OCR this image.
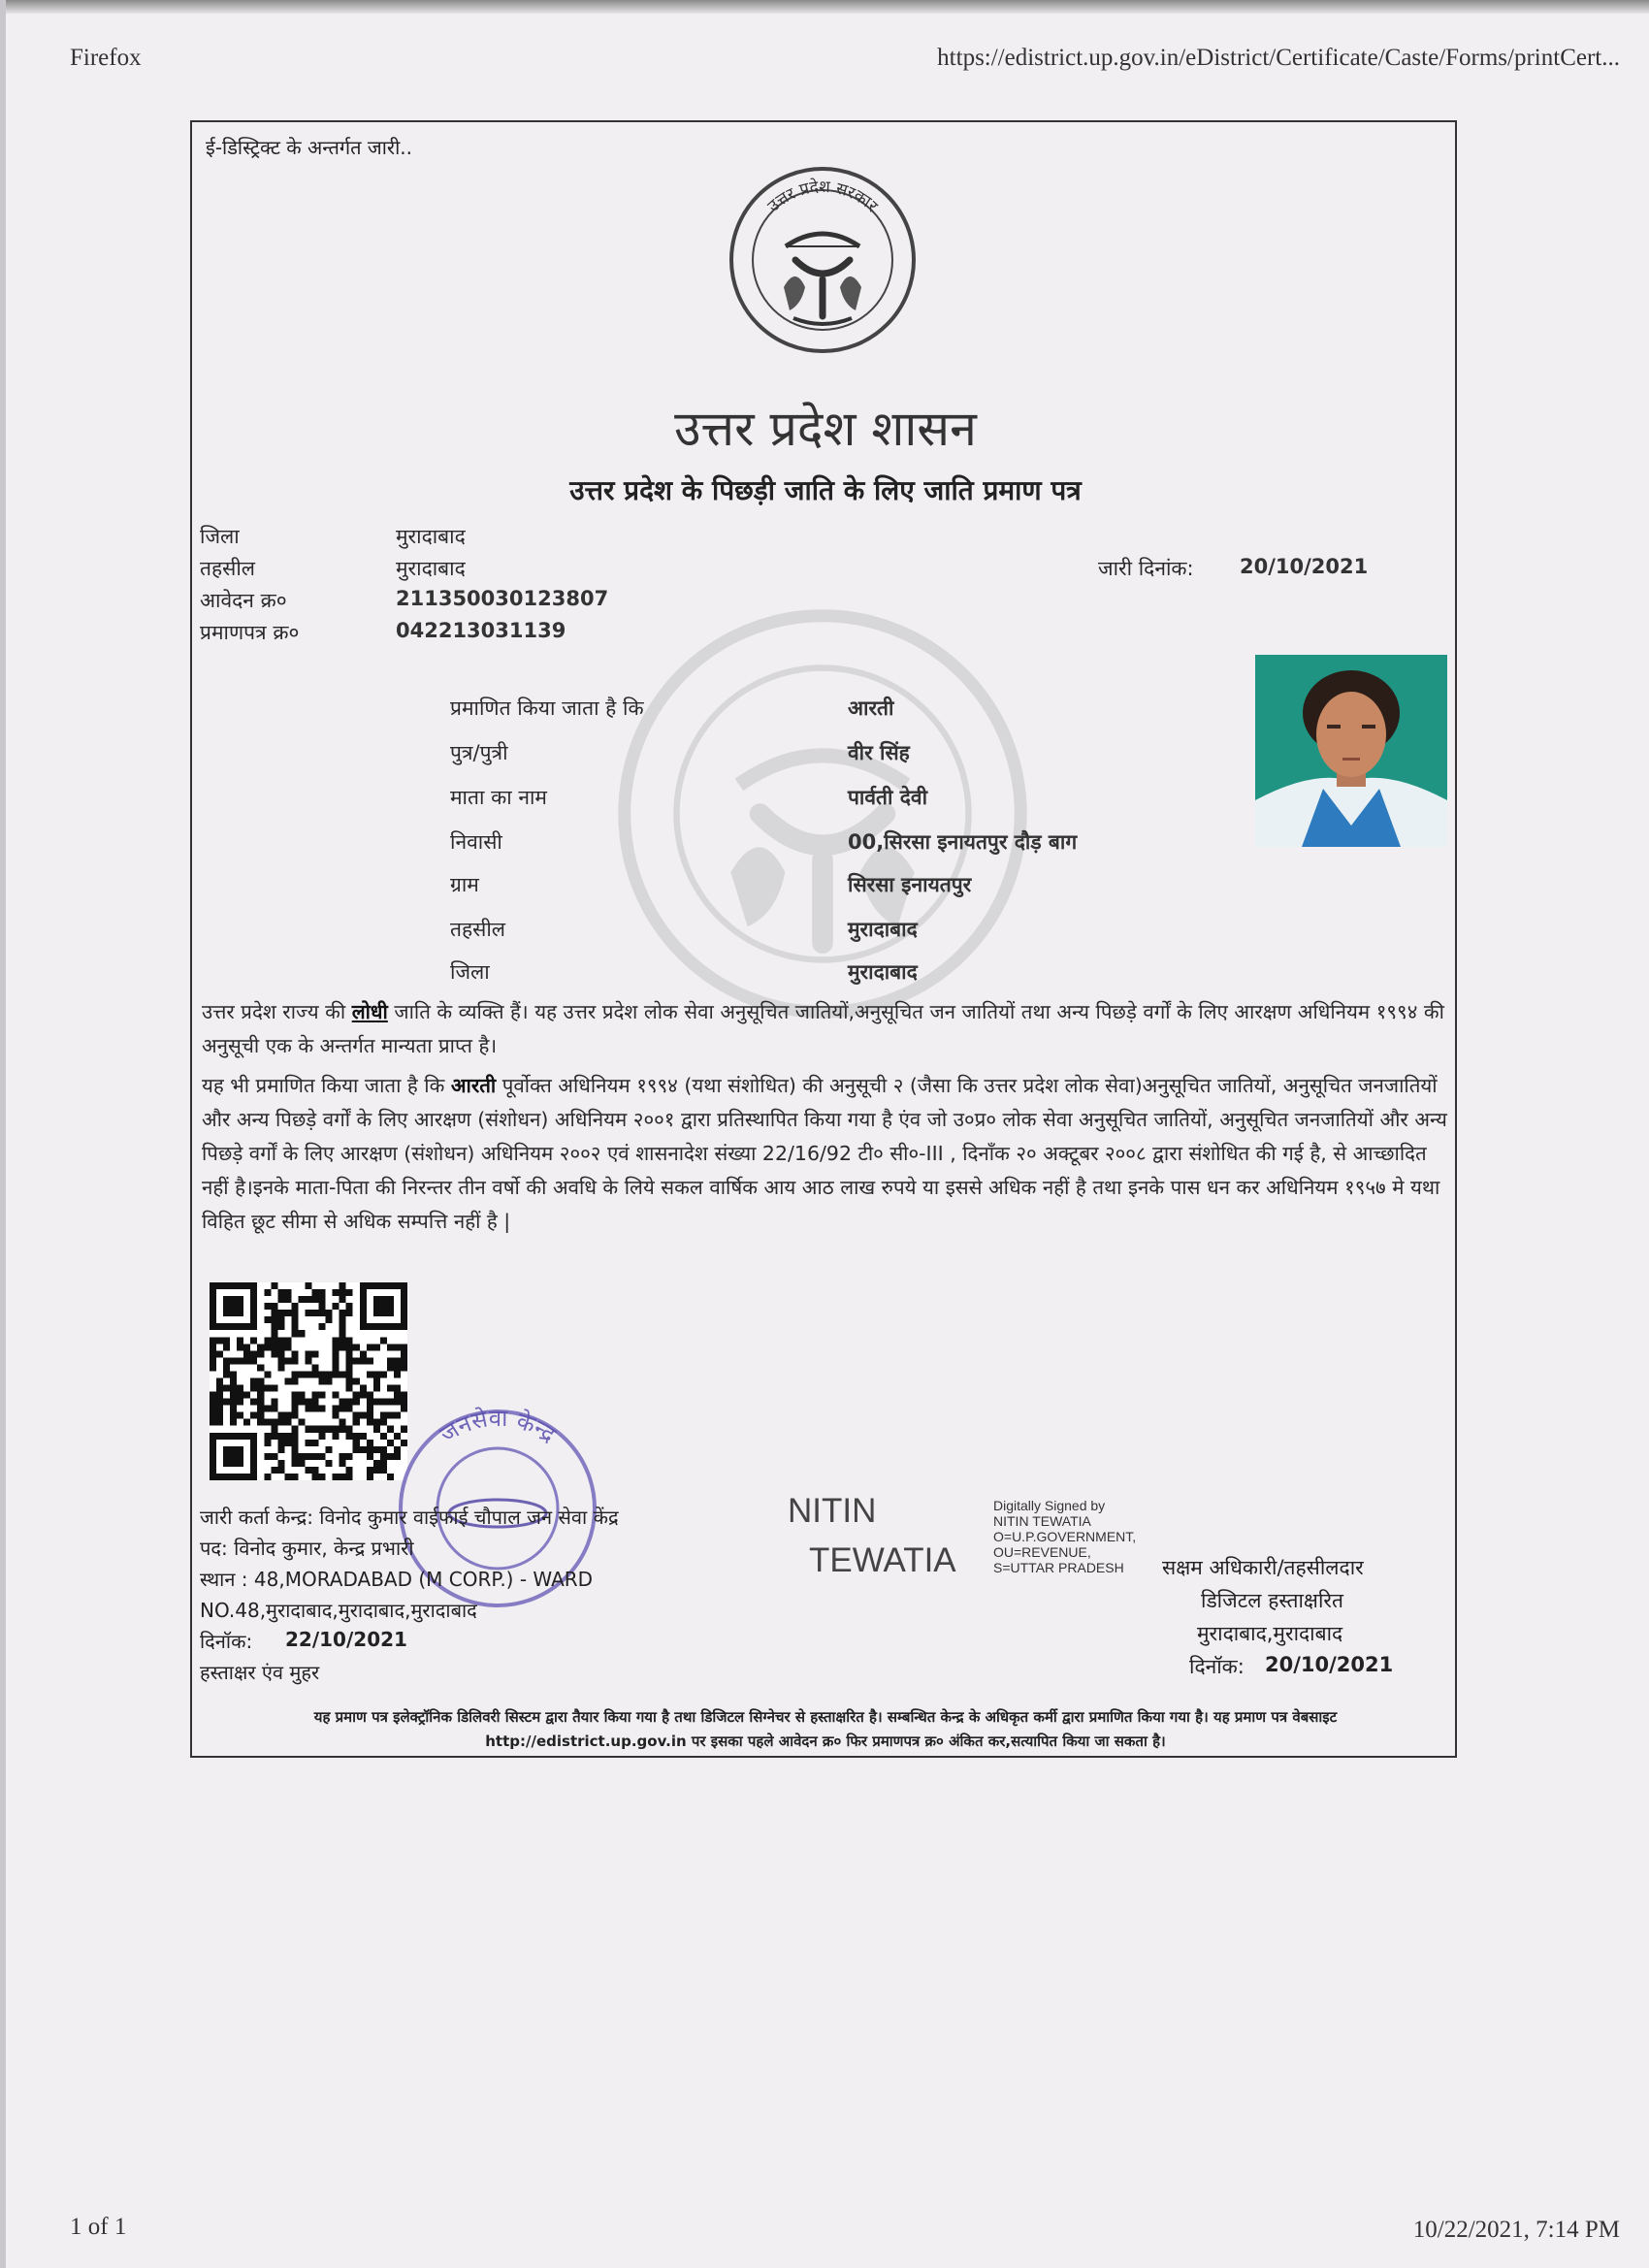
Firefox	https://edistrict.up.gov.in/eDistrict/Certificate/Caste/Forms/printCert...
ई-डिस्ट्रिक्ट के अन्तर्गत जारी..
उत्तर प्रदेश सरकार
उत्तर प्रदेश शासन
उत्तर प्रदेश के पिछड़ी जाति के लिए जाति प्रमाण पत्र
जिला	मुरादाबाद
तहसील	मुरादाबाद
आवेदन क्र०	211350030123807
प्रमाणपत्र क्र०	042213031139
जारी दिनांक: 20/10/2021
प्रमाणित किया जाता है कि	आरती
पुत्र/पुत्री	वीर सिंह
माता का नाम	पार्वती देवी
निवासी	00,सिरसा इनायतपुर दौड़ बाग
ग्राम	सिरसा इनायतपुर
तहसील	मुरादाबाद
जिला	मुरादाबाद
उत्तर प्रदेश राज्य की लोधी जाति के व्यक्ति हैं। यह उत्तर प्रदेश लोक सेवा अनुसूचित जातियों,अनुसूचित जन जातियों तथा अन्य पिछड़े वर्गों के लिए आरक्षण अधिनियम १९९४ की अनुसूची एक के अन्तर्गत मान्यता प्राप्त है।
यह भी प्रमाणित किया जाता है कि आरती पूर्वोक्त अधिनियम १९९४ (यथा संशोधित) की अनुसूची २ (जैसा कि उत्तर प्रदेश लोक सेवा)अनुसूचित जातियों, अनुसूचित जनजातियों और अन्य पिछड़े वर्गों के लिए आरक्षण (संशोधन) अधिनियम २००१ द्वारा प्रतिस्थापित किया गया है एंव जो उ०प्र० लोक सेवा अनुसूचित जातियों, अनुसूचित जनजातियों और अन्य पिछड़े वर्गों के लिए आरक्षण (संशोधन) अधिनियम २००२ एवं शासनादेश संख्या 22/16/92 टी० सी०-III , दिनाँक २० अक्टूबर २००८ द्वारा संशोधित की गई है, से आच्छादित नहीं है।इनके माता-पिता की निरन्तर तीन वर्षो की अवधि के लिये सकल वार्षिक आय आठ लाख रुपये या इससे अधिक नहीं है तथा इनके पास धन कर अधिनियम १९५७ मे यथा विहित छूट सीमा से अधिक सम्पत्ति नहीं है |
जनसेवा केन्द्र
जारी कर्ता केन्द्र: विनोद कुमार वाईफाई चौपाल जन सेवा केंद्र
पद: विनोद कुमार, केन्द्र प्रभारी
स्थान : 48,MORADABAD (M CORP.) - WARD
NO.48,मुरादाबाद,मुरादाबाद,मुरादाबाद
दिनॉक: 22/10/2021
हस्ताक्षर एंव मुहर
NITIN
TEWATIA
Digitally Signed by
NITIN TEWATIA
O=U.P.GOVERNMENT,
OU=REVENUE,
S=UTTAR PRADESH सक्षम अधिकारी/तहसीलदार
डिजिटल हस्ताक्षरित
मुरादाबाद,मुरादाबाद
दिनॉक: 20/10/2021
यह प्रमाण पत्र इलेक्ट्रॉनिक डिलिवरी सिस्टम द्वारा तैयार किया गया है तथा डिजिटल सिग्नेचर से हस्ताक्षरित है। सम्बन्धित केन्द्र के अधिकृत कर्मी द्वारा प्रमाणित किया गया है। यह प्रमाण पत्र वेबसाइट http://edistrict.up.gov.in पर इसका पहले आवेदन क्र० फिर प्रमाणपत्र क्र० अंकित कर,सत्यापित किया जा सकता है।
1 of 1	10/22/2021, 7:14 PM
